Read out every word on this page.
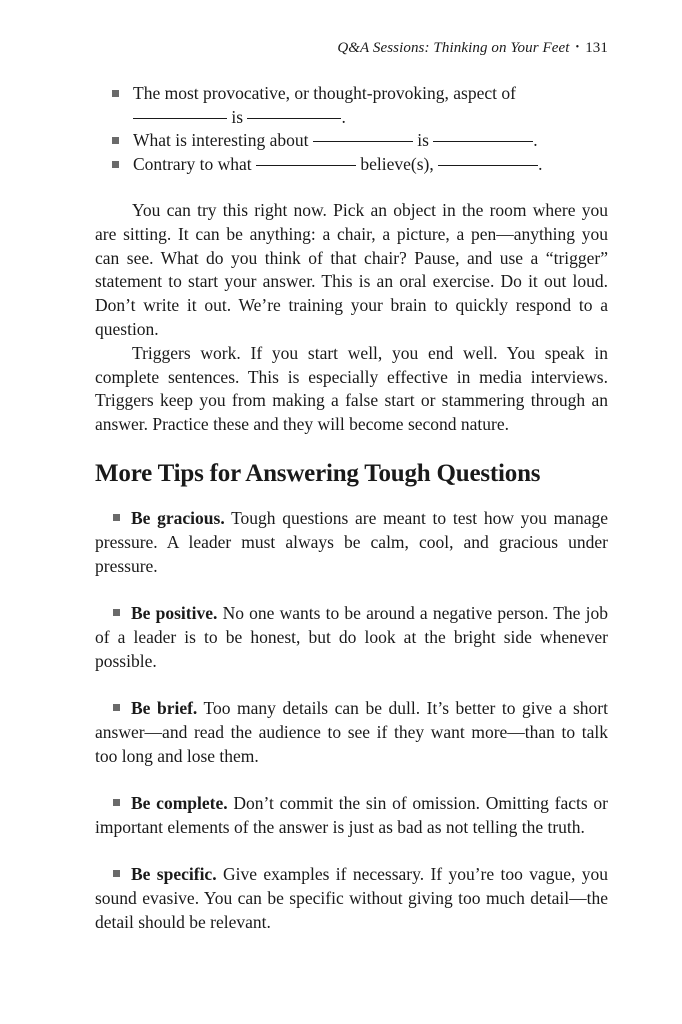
Q&A Sessions: Thinking on Your Feet • 131
The most provocative, or thought-provoking, aspect of
is	.
What is interesting about	is	.
Contrary to what	believe(s),	.

You can try this right now. Pick an object in the room where you are sitting. It can be anything: a chair, a picture, a pen—anything you can see. What do you think of that chair? Pause, and use a “trigger” statement to start your answer. This is an oral exercise. Do it out loud. Don’t write it out. We’re training your brain to quickly respond to a question.

Triggers work. If you start well, you end well. You speak in complete sentences. This is especially effective in media interviews. Triggers keep you from making a false start or stammering through an answer. Practice these and they will become second nature.

More Tips for Answering Tough Questions

Be gracious. Tough questions are meant to test how you manage pressure. A leader must always be calm, cool, and gracious under pressure.

Be positive. No one wants to be around a negative person. The job of a leader is to be honest, but do look at the bright side whenever possible.

Be brief. Too many details can be dull. It’s better to give a short answer—and read the audience to see if they want more—than to talk too long and lose them.

Be complete. Don’t commit the sin of omission. Omitting facts or important elements of the answer is just as bad as not telling the truth.

Be specific. Give examples if necessary. If you’re too vague, you sound evasive. You can be specific without giving too much detail—the detail should be relevant.
